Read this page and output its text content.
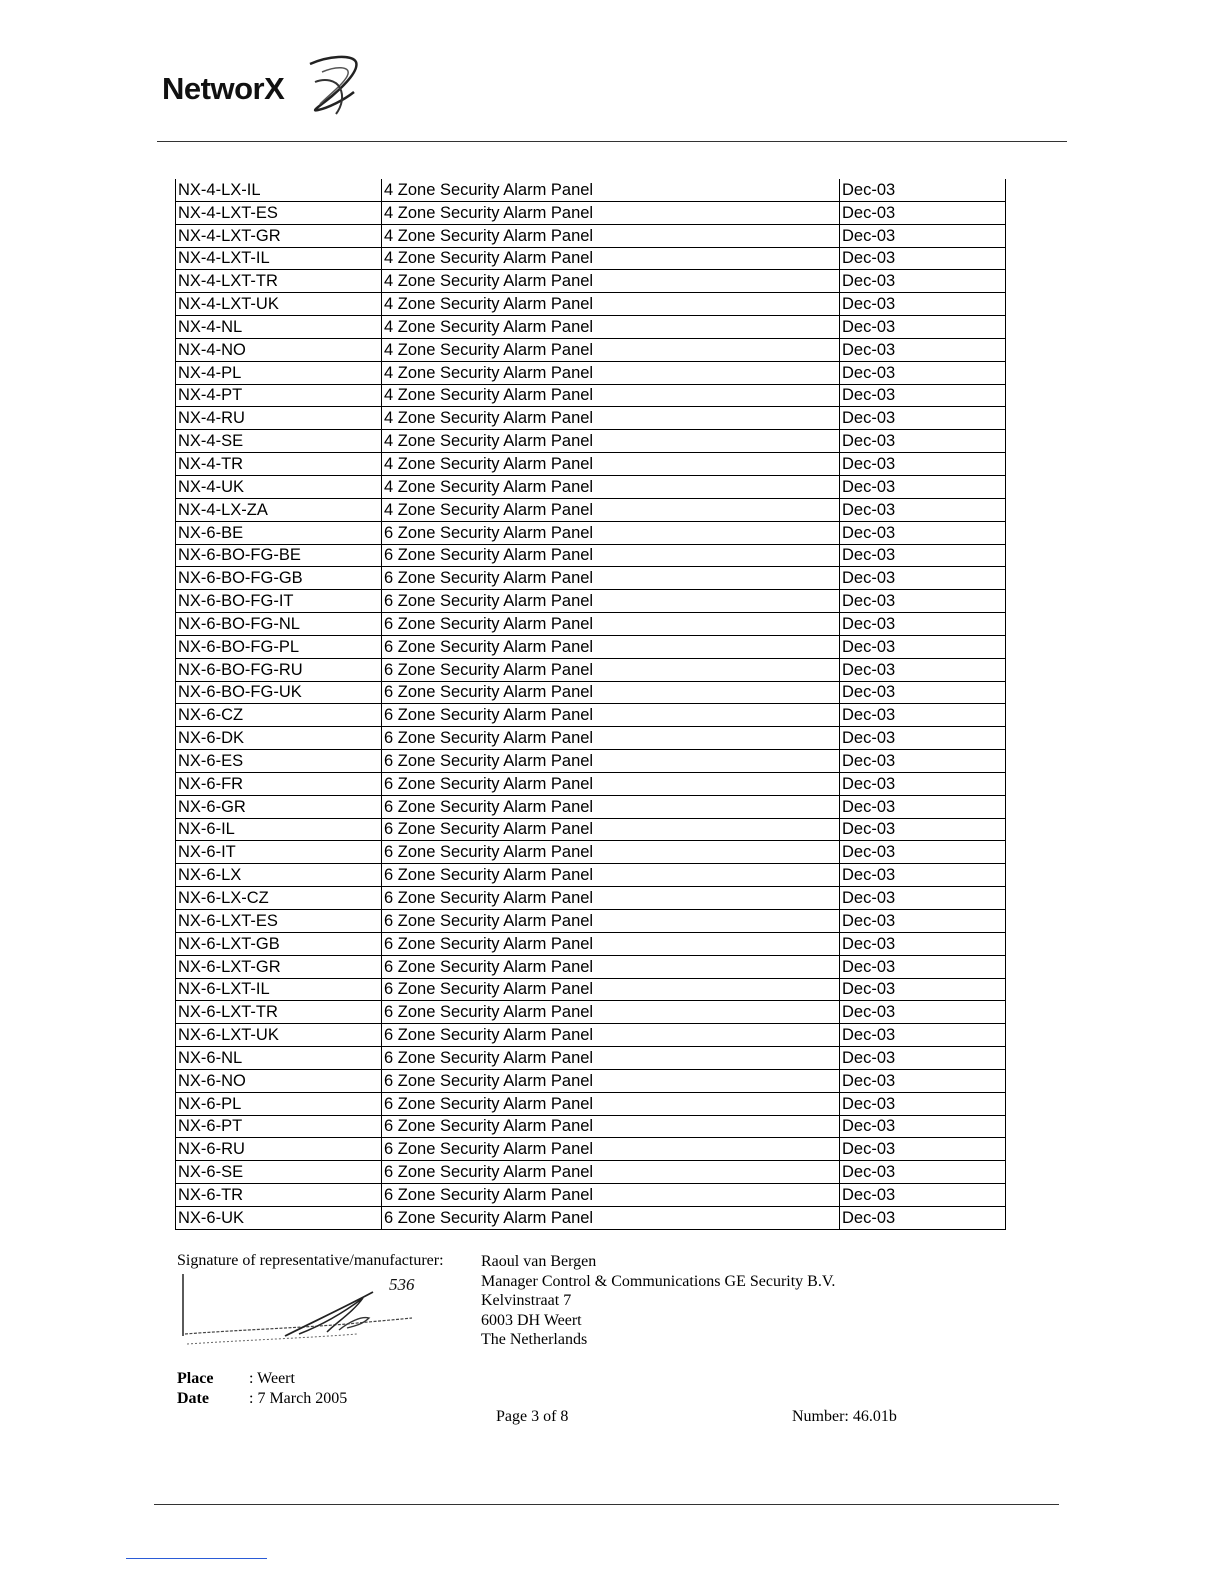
NetworX
NX-4-LX-IL	4 Zone Security Alarm Panel	Dec-03
NX-4-LXT-ES	4 Zone Security Alarm Panel	Dec-03
NX-4-LXT-GR	4 Zone Security Alarm Panel	Dec-03
NX-4-LXT-IL	4 Zone Security Alarm Panel	Dec-03
NX-4-LXT-TR	4 Zone Security Alarm Panel	Dec-03
NX-4-LXT-UK	4 Zone Security Alarm Panel	Dec-03
NX-4-NL	4 Zone Security Alarm Panel	Dec-03
NX-4-NO	4 Zone Security Alarm Panel	Dec-03
NX-4-PL	4 Zone Security Alarm Panel	Dec-03
NX-4-PT	4 Zone Security Alarm Panel	Dec-03
NX-4-RU	4 Zone Security Alarm Panel	Dec-03
NX-4-SE	4 Zone Security Alarm Panel	Dec-03
NX-4-TR	4 Zone Security Alarm Panel	Dec-03
NX-4-UK	4 Zone Security Alarm Panel	Dec-03
NX-4-LX-ZA	4 Zone Security Alarm Panel	Dec-03
NX-6-BE	6 Zone Security Alarm Panel	Dec-03
NX-6-BO-FG-BE	6 Zone Security Alarm Panel	Dec-03
NX-6-BO-FG-GB	6 Zone Security Alarm Panel	Dec-03
NX-6-BO-FG-IT	6 Zone Security Alarm Panel	Dec-03
NX-6-BO-FG-NL	6 Zone Security Alarm Panel	Dec-03
NX-6-BO-FG-PL	6 Zone Security Alarm Panel	Dec-03
NX-6-BO-FG-RU	6 Zone Security Alarm Panel	Dec-03
NX-6-BO-FG-UK	6 Zone Security Alarm Panel	Dec-03
NX-6-CZ	6 Zone Security Alarm Panel	Dec-03
NX-6-DK	6 Zone Security Alarm Panel	Dec-03
NX-6-ES	6 Zone Security Alarm Panel	Dec-03
NX-6-FR	6 Zone Security Alarm Panel	Dec-03
NX-6-GR	6 Zone Security Alarm Panel	Dec-03
NX-6-IL	6 Zone Security Alarm Panel	Dec-03
NX-6-IT	6 Zone Security Alarm Panel	Dec-03
NX-6-LX	6 Zone Security Alarm Panel	Dec-03
NX-6-LX-CZ	6 Zone Security Alarm Panel	Dec-03
NX-6-LXT-ES	6 Zone Security Alarm Panel	Dec-03
NX-6-LXT-GB	6 Zone Security Alarm Panel	Dec-03
NX-6-LXT-GR	6 Zone Security Alarm Panel	Dec-03
NX-6-LXT-IL	6 Zone Security Alarm Panel	Dec-03
NX-6-LXT-TR	6 Zone Security Alarm Panel	Dec-03
NX-6-LXT-UK	6 Zone Security Alarm Panel	Dec-03
NX-6-NL	6 Zone Security Alarm Panel	Dec-03
NX-6-NO	6 Zone Security Alarm Panel	Dec-03
NX-6-PL	6 Zone Security Alarm Panel	Dec-03
NX-6-PT	6 Zone Security Alarm Panel	Dec-03
NX-6-RU	6 Zone Security Alarm Panel	Dec-03
NX-6-SE	6 Zone Security Alarm Panel	Dec-03
NX-6-TR	6 Zone Security Alarm Panel	Dec-03
NX-6-UK	6 Zone Security Alarm Panel	Dec-03
Signature of representative/manufacturer:
536
Raoul van Bergen
Manager Control & Communications GE Security B.V.
Kelvinstraat 7
6003 DH Weert
The Netherlands
Place	: Weert
Date	: 7 March 2005
Page 3 of 8	Number: 46.01b
